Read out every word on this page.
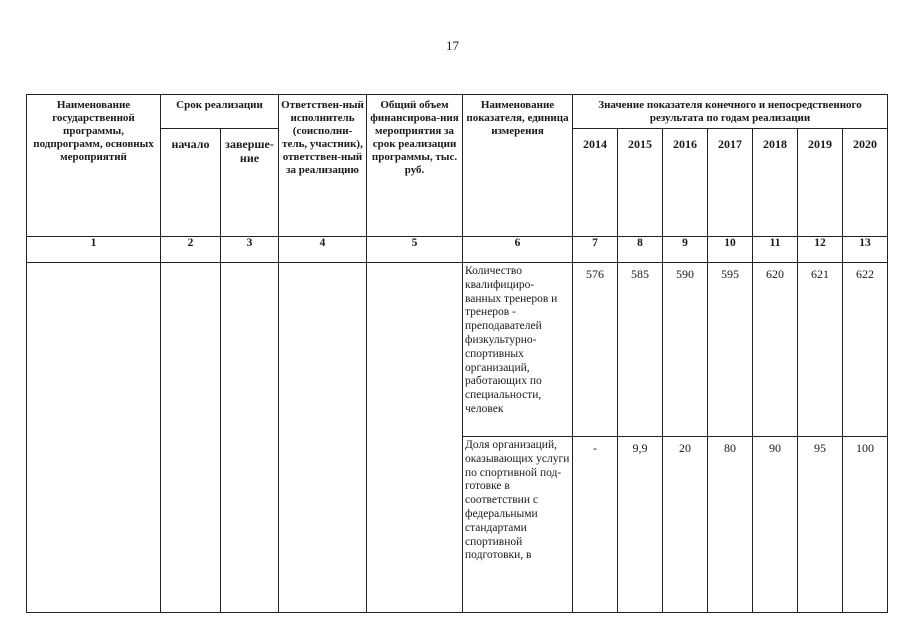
17
Наименование государственной программы, подпрограмм, основных мероприятий	Срок реализации		Ответствен-ный исполнитель (соисполни-тель, участник), ответствен-ный за реализацию	Общий объем финансирова-ния мероприятия за срок реализации программы, тыс. руб.	Наименование показателя, единица измерения	Значение показателя конечного и непосредственного результата по годам реализации						
	начало	заверше-ние				2014	2015	2016	2017	2018	2019	2020
1	2	3	4	5	6	7	8	9	10	11	12	13
					Количество квалифициро-ванных тренеров и тренеров - преподавателей физкультурно-спортивных организаций, работающих по специальности, человек	576	585	590	595	620	621	622
					Доля организаций, оказывающих услуги по спортивной под-готовке в соответствии с федеральными стандартами спортивной подготовки, в	-	9,9	20	80	90	95	100
